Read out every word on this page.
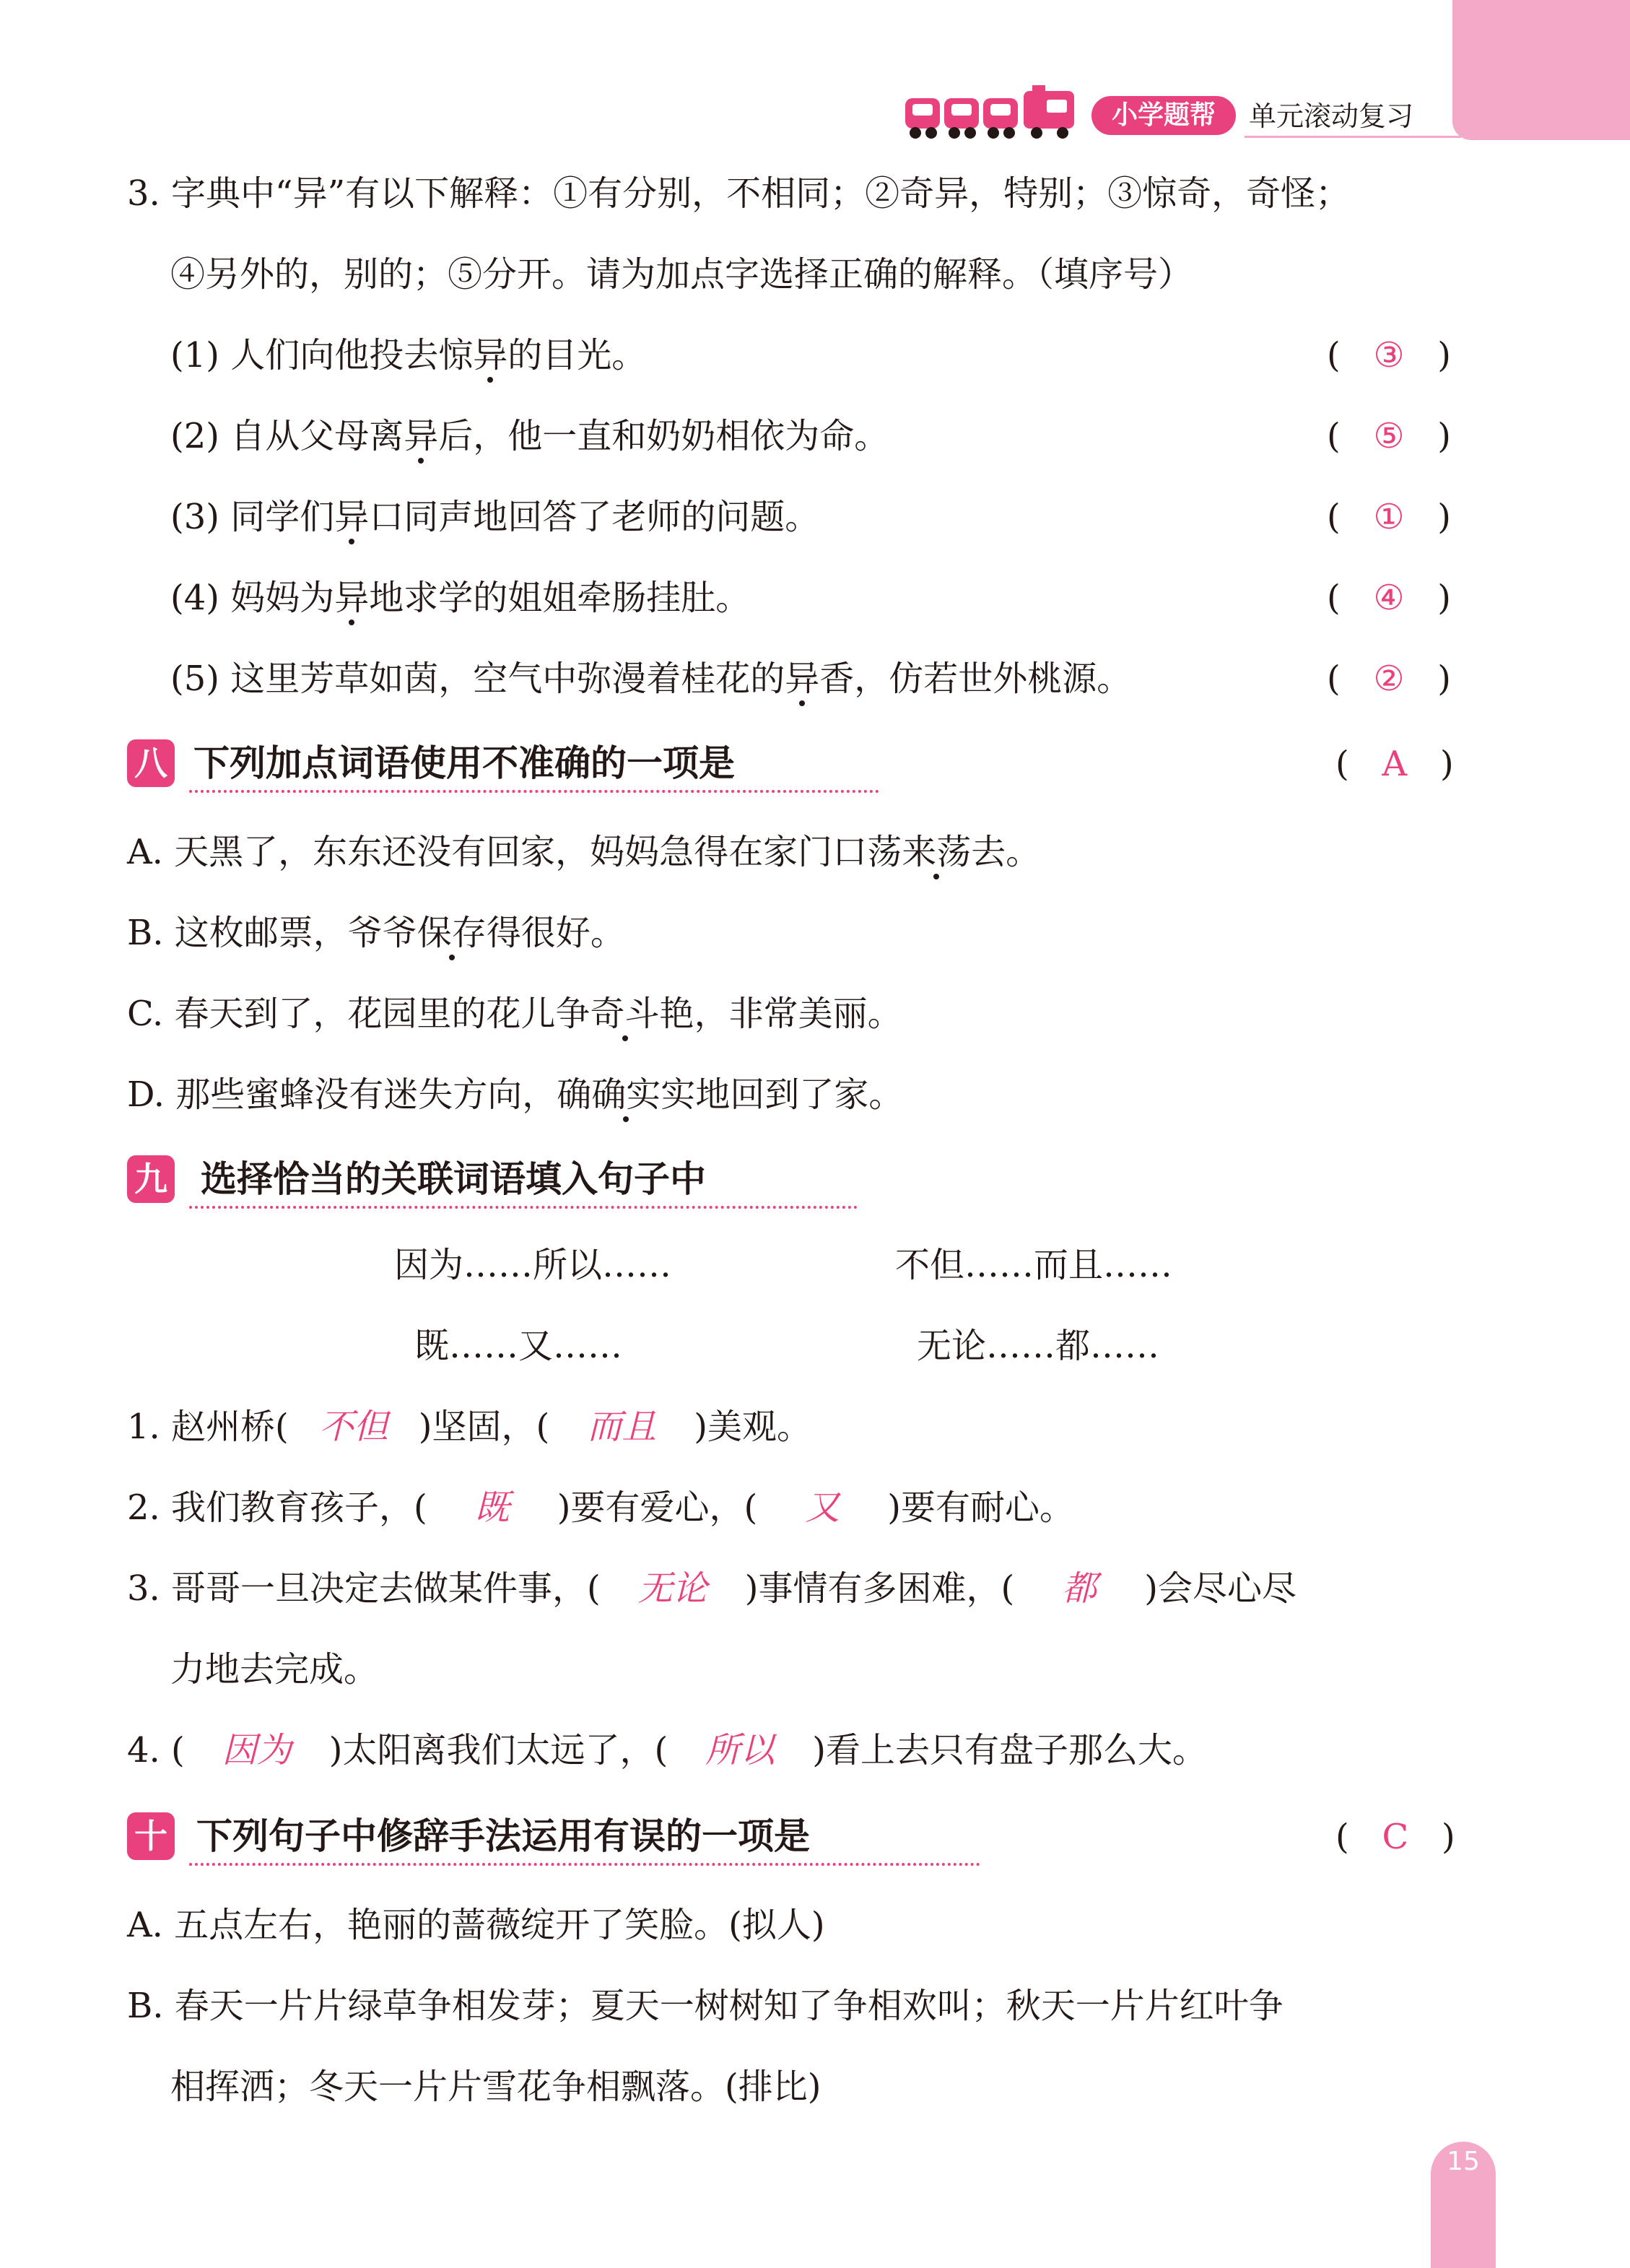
小学题帮	单元滚动复习
3. 字典中“异”有以下解释：①有分别，不相同；②奇异，特别；③惊奇，奇怪；
④另外的，别的；⑤分开。请为加点字选择正确的解释。（填序号）
(1) 人们向他投去惊异的目光。	(   ③   )
(2) 自从父母离异后，他一直和奶奶相依为命。	(   ⑤   )
(3) 同学们异口同声地回答了老师的问题。	(   ①   )
(4) 妈妈为异地求学的姐姐牵肠挂肚。	(   ④   )
(5) 这里芳草如茵，空气中弥漫着桂花的异香，仿若世外桃源。	(   ②   )
八 下列加点词语使用不准确的一项是	(   A   )
A. 天黑了，东东还没有回家，妈妈急得在家门口荡来荡去。
B. 这枚邮票，爷爷保存得很好。
C. 春天到了，花园里的花儿争奇斗艳，非常美丽。
D. 那些蜜蜂没有迷失方向，确确实实地回到了家。
九 选择恰当的关联词语填入句子中
因为……所以……	不但……而且……
既……又……	无论……都……
1. 赵州桥( 不但 )坚固，( 而且 )美观。
2. 我们教育孩子，( 既 )要有爱心，( 又 )要有耐心。
3. 哥哥一旦决定去做某件事，( 无论 )事情有多困难，( 都 )会尽心尽
力地去完成。
4. ( 因为 )太阳离我们太远了，( 所以 )看上去只有盘子那么大。
十 下列句子中修辞手法运用有误的一项是	(   C   )
A. 五点左右，艳丽的蔷薇绽开了笑脸。(拟人)
B. 春天一片片绿草争相发芽；夏天一树树知了争相欢叫；秋天一片片红叶争
相挥洒；冬天一片片雪花争相飘落。(排比)
15
